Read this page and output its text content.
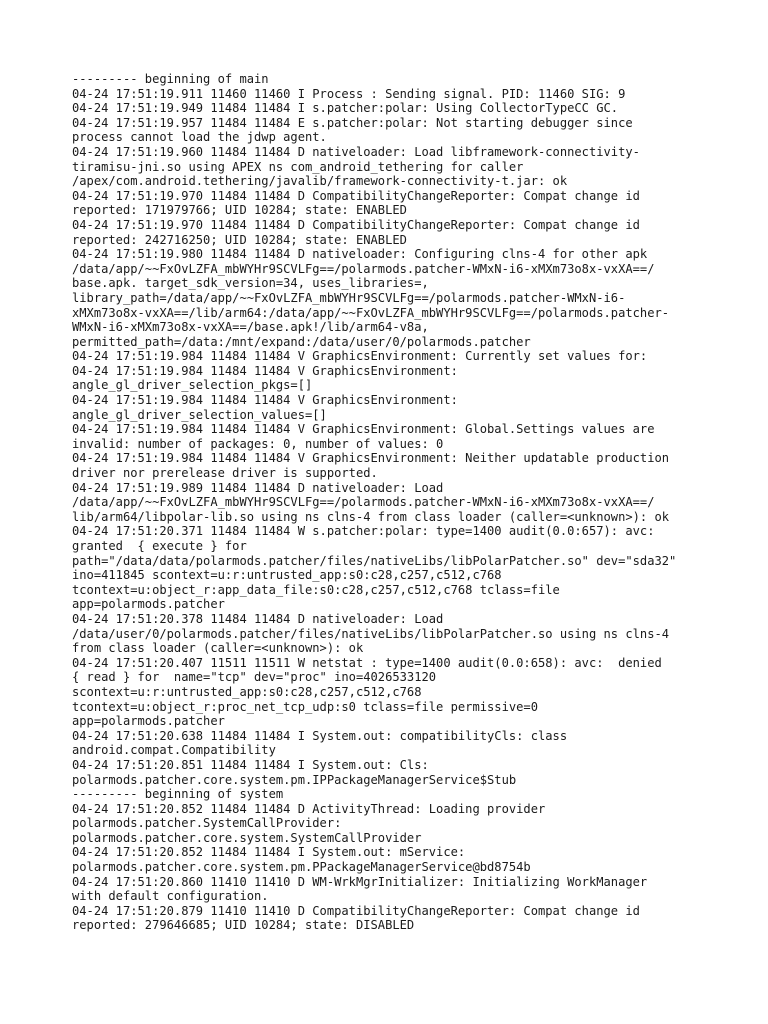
--------- beginning of main
04-24 17:51:19.911 11460 11460 I Process : Sending signal. PID: 11460 SIG: 9
04-24 17:51:19.949 11484 11484 I s.patcher:polar: Using CollectorTypeCC GC.
04-24 17:51:19.957 11484 11484 E s.patcher:polar: Not starting debugger since
process cannot load the jdwp agent.
04-24 17:51:19.960 11484 11484 D nativeloader: Load libframework-connectivity-
tiramisu-jni.so using APEX ns com_android_tethering for caller
/apex/com.android.tethering/javalib/framework-connectivity-t.jar: ok
04-24 17:51:19.970 11484 11484 D CompatibilityChangeReporter: Compat change id
reported: 171979766; UID 10284; state: ENABLED
04-24 17:51:19.970 11484 11484 D CompatibilityChangeReporter: Compat change id
reported: 242716250; UID 10284; state: ENABLED
04-24 17:51:19.980 11484 11484 D nativeloader: Configuring clns-4 for other apk
/data/app/~~FxOvLZFA_mbWYHr9SCVLFg==/polarmods.patcher-WMxN-i6-xMXm73o8x-vxXA==/
base.apk. target_sdk_version=34, uses_libraries=,
library_path=/data/app/~~FxOvLZFA_mbWYHr9SCVLFg==/polarmods.patcher-WMxN-i6-
xMXm73o8x-vxXA==/lib/arm64:/data/app/~~FxOvLZFA_mbWYHr9SCVLFg==/polarmods.patcher-
WMxN-i6-xMXm73o8x-vxXA==/base.apk!/lib/arm64-v8a,
permitted_path=/data:/mnt/expand:/data/user/0/polarmods.patcher
04-24 17:51:19.984 11484 11484 V GraphicsEnvironment: Currently set values for:
04-24 17:51:19.984 11484 11484 V GraphicsEnvironment:
angle_gl_driver_selection_pkgs=[]
04-24 17:51:19.984 11484 11484 V GraphicsEnvironment:
angle_gl_driver_selection_values=[]
04-24 17:51:19.984 11484 11484 V GraphicsEnvironment: Global.Settings values are
invalid: number of packages: 0, number of values: 0
04-24 17:51:19.984 11484 11484 V GraphicsEnvironment: Neither updatable production
driver nor prerelease driver is supported.
04-24 17:51:19.989 11484 11484 D nativeloader: Load
/data/app/~~FxOvLZFA_mbWYHr9SCVLFg==/polarmods.patcher-WMxN-i6-xMXm73o8x-vxXA==/
lib/arm64/libpolar-lib.so using ns clns-4 from class loader (caller=<unknown>): ok
04-24 17:51:20.371 11484 11484 W s.patcher:polar: type=1400 audit(0.0:657): avc:
granted  { execute } for
path="/data/data/polarmods.patcher/files/nativeLibs/libPolarPatcher.so" dev="sda32"
ino=411845 scontext=u:r:untrusted_app:s0:c28,c257,c512,c768
tcontext=u:object_r:app_data_file:s0:c28,c257,c512,c768 tclass=file
app=polarmods.patcher
04-24 17:51:20.378 11484 11484 D nativeloader: Load
/data/user/0/polarmods.patcher/files/nativeLibs/libPolarPatcher.so using ns clns-4
from class loader (caller=<unknown>): ok
04-24 17:51:20.407 11511 11511 W netstat : type=1400 audit(0.0:658): avc:  denied
{ read } for  name="tcp" dev="proc" ino=4026533120
scontext=u:r:untrusted_app:s0:c28,c257,c512,c768
tcontext=u:object_r:proc_net_tcp_udp:s0 tclass=file permissive=0
app=polarmods.patcher
04-24 17:51:20.638 11484 11484 I System.out: compatibilityCls: class
android.compat.Compatibility
04-24 17:51:20.851 11484 11484 I System.out: Cls:
polarmods.patcher.core.system.pm.IPPackageManagerService$Stub
--------- beginning of system
04-24 17:51:20.852 11484 11484 D ActivityThread: Loading provider
polarmods.patcher.SystemCallProvider:
polarmods.patcher.core.system.SystemCallProvider
04-24 17:51:20.852 11484 11484 I System.out: mService:
polarmods.patcher.core.system.pm.PPackageManagerService@bd8754b
04-24 17:51:20.860 11410 11410 D WM-WrkMgrInitializer: Initializing WorkManager
with default configuration.
04-24 17:51:20.879 11410 11410 D CompatibilityChangeReporter: Compat change id
reported: 279646685; UID 10284; state: DISABLED
